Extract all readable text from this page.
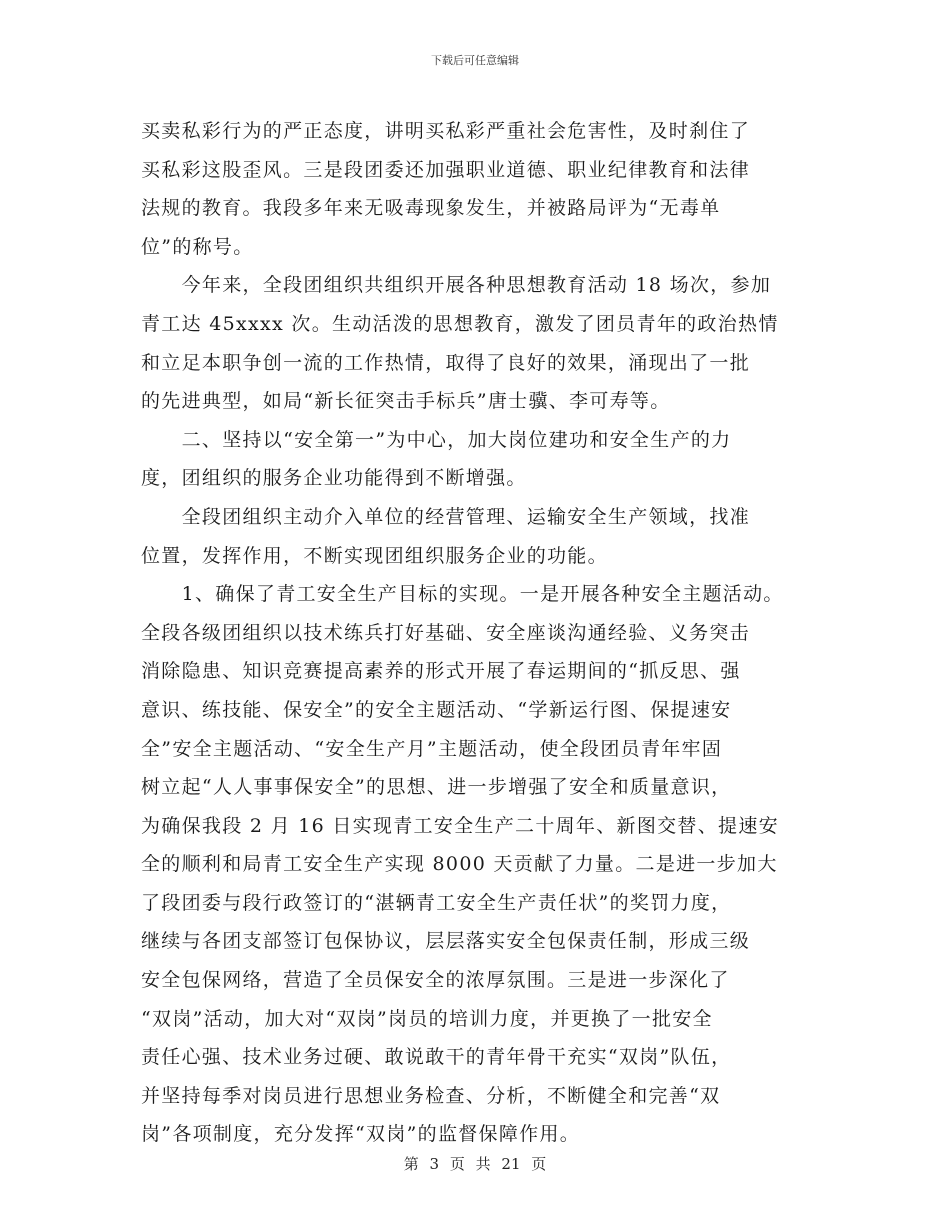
下载后可任意编辑
买卖私彩行为的严正态度，讲明买私彩严重社会危害性，及时刹住了
买私彩这股歪风。三是段团委还加强职业道德、职业纪律教育和法律
法规的教育。我段多年来无吸毒现象发生，并被路局评为“无毒单
位”的称号。
　　今年来，全段团组织共组织开展各种思想教育活动 18 场次，参加
青工达 45xxxx 次。生动活泼的思想教育，激发了团员青年的政治热情
和立足本职争创一流的工作热情，取得了良好的效果，涌现出了一批
的先进典型，如局“新长征突击手标兵”唐士骥、李可寿等。
　　二、坚持以“安全第一”为中心，加大岗位建功和安全生产的力
度，团组织的服务企业功能得到不断增强。
　　全段团组织主动介入单位的经营管理、运输安全生产领域，找准
位置，发挥作用，不断实现团组织服务企业的功能。
　　1、确保了青工安全生产目标的实现。一是开展各种安全主题活动。
全段各级团组织以技术练兵打好基础、安全座谈沟通经验、义务突击
消除隐患、知识竞赛提高素养的形式开展了春运期间的“抓反思、强
意识、练技能、保安全”的安全主题活动、“学新运行图、保提速安
全”安全主题活动、“安全生产月”主题活动，使全段团员青年牢固
树立起“人人事事保安全”的思想、进一步增强了安全和质量意识，
为确保我段 2 月 16 日实现青工安全生产二十周年、新图交替、提速安
全的顺利和局青工安全生产实现 8000 天贡献了力量。二是进一步加大
了段团委与段行政签订的“湛辆青工安全生产责任状”的奖罚力度，
继续与各团支部签订包保协议，层层落实安全包保责任制，形成三级
安全包保网络，营造了全员保安全的浓厚氛围。三是进一步深化了
“双岗”活动，加大对“双岗”岗员的培训力度，并更换了一批安全
责任心强、技术业务过硬、敢说敢干的青年骨干充实“双岗”队伍，
并坚持每季对岗员进行思想业务检查、分析，不断健全和完善“双
岗”各项制度，充分发挥“双岗”的监督保障作用。
第 3 页 共 21 页
